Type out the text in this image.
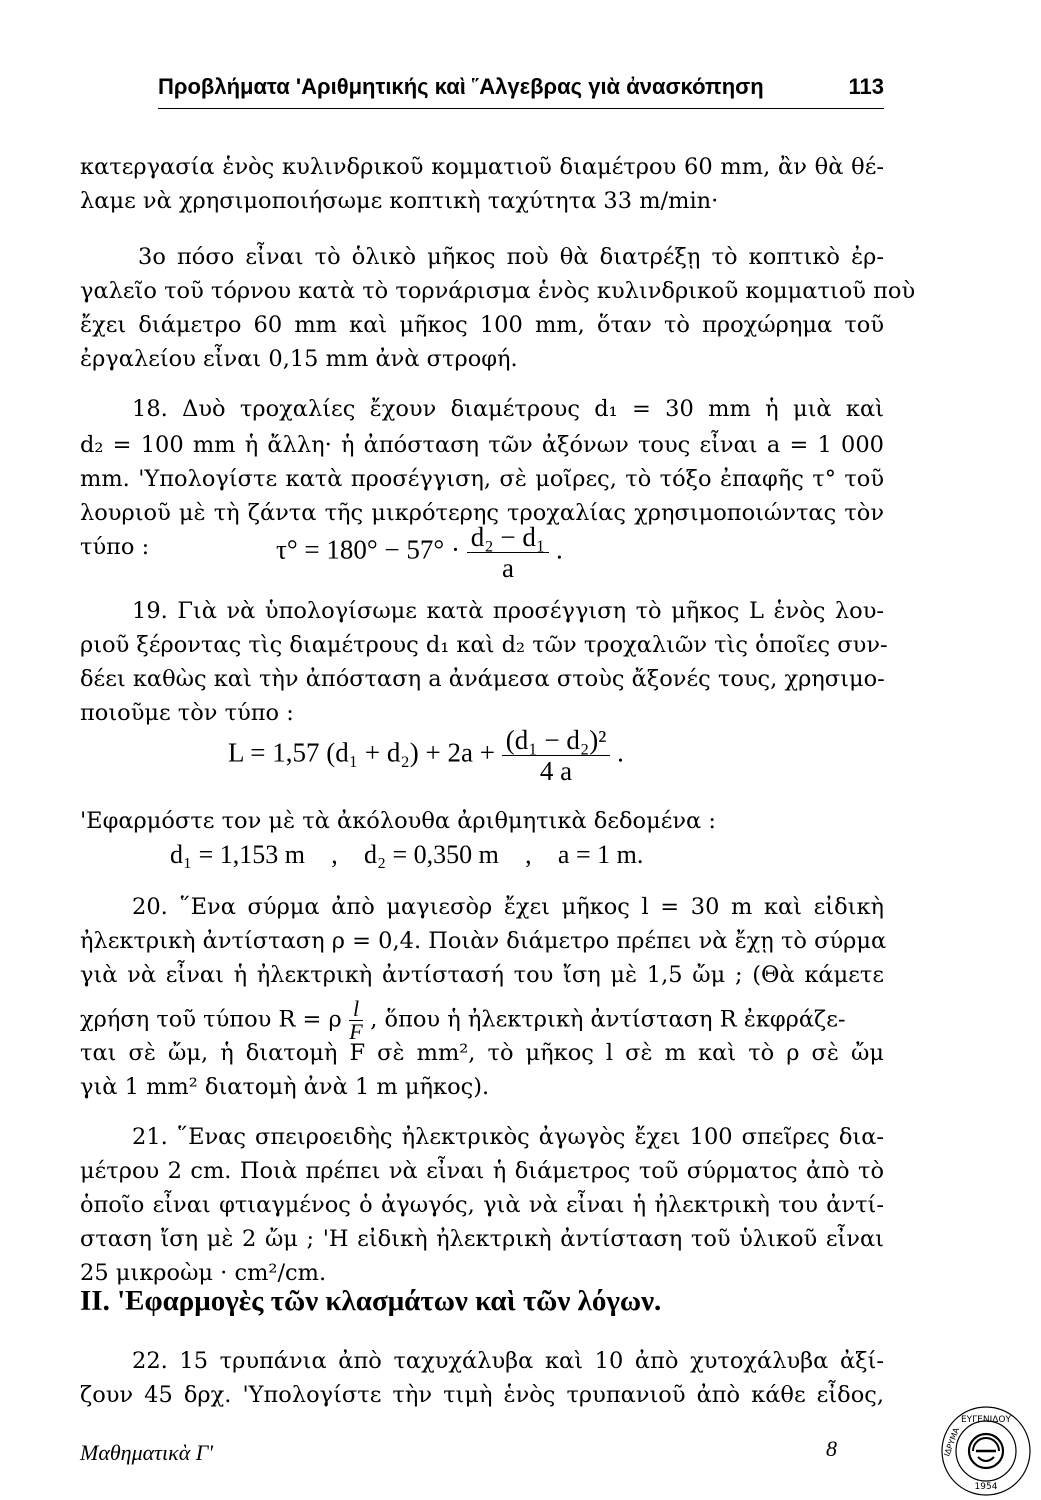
Προβλήματα 'Αριθμητικής καὶ ῞Αλγεβρας γιὰ ἀνασκόπηση	113
κατεργασία ἑνὸς κυλινδρικοῦ κομματιοῦ διαμέτρου 60 mm, ἂν θὰ θέ-
λαμε νὰ χρησιμοποιήσωμε κοπτικὴ ταχύτητα 33 m/min·
3ο πόσο εἶναι τὸ ὁλικὸ μῆκος ποὺ θὰ διατρέξῃ τὸ κοπτικὸ ἐρ-
γαλεῖο τοῦ τόρνου κατὰ τὸ τορνάρισμα ἑνὸς κυλινδρικοῦ κομματιοῦ ποὺ
ἔχει διάμετρο 60 mm καὶ μῆκος 100 mm, ὅταν τὸ προχώρημα τοῦ
ἐργαλείου εἶναι 0,15 mm ἀνὰ στροφή.
18. Δυὸ τροχαλίες ἔχουν διαμέτρους d₁ = 30 mm ἡ μιὰ καὶ
d₂ = 100 mm ἡ ἄλλη· ἡ ἀπόσταση τῶν ἀξόνων τους εἶναι a = 1 000
mm. 'Υπολογίστε κατὰ προσέγγιση, σὲ μοῖρες, τὸ τόξο ἐπαφῆς τ° τοῦ
λουριοῦ μὲ τὴ ζάντα τῆς μικρότερης τροχαλίας χρησιμοποιώντας τὸν
τύπο :	$\tau^\circ = 180^\circ - 57^\circ \cdot \frac{\text{d₂ − d₁}}{a}$ .
19. Γιὰ νὰ ὑπολογίσωμε κατὰ προσέγγιση τὸ μῆκος L ἑνὸς λου-
ριοῦ ξέροντας τὶς διαμέτρους d₁ καὶ d₂ τῶν τροχαλιῶν τὶς ὁποῖες συν-
δέει καθὼς καὶ τὴν ἀπόσταση a ἀνάμεσα στοὺς ἄξονές τους, χρησιμο-
ποιοῦμε τὸν τύπο :
L = 1,57 $(d_1 + d_2) + 2a + \frac{\text{(d₁ − d₂)²}}{4 a}$ .
'Εφαρμόστε τον μὲ τὰ ἀκόλουθα ἀριθμητικὰ δεδομένα :
d₁ = 1,153 m , d₂ = 0,350 m , a = 1 m.
20. ῞Ενα σύρμα ἀπὸ μαγιεσὸρ ἔχει μῆκος l = 30 m καὶ εἰδικὴ
ἠλεκτρικὴ ἀντίσταση ρ = 0,4. Ποιὰν διάμετρο πρέπει νὰ ἔχῃ τὸ σύρμα
γιὰ νὰ εἶναι ἡ ἠλεκτρικὴ ἀντίστασή του ἴση μὲ 1,5 ὤμ ; (Θὰ κάμετε
χρήση τοῦ τύπου R = ρ $\frac{l}{F}$ , ὅπου ἡ ἠλεκτρικὴ ἀντίσταση R ἐκφράζε-
ται σὲ ὤμ, ἡ διατομὴ F σὲ mm², τὸ μῆκος l σὲ m καὶ τὸ ρ σὲ ὤμ
γιὰ 1 mm² διατομὴ ἀνὰ 1 m μῆκος).
21. ῞Ενας σπειροειδὴς ἠλεκτρικὸς ἀγωγὸς ἔχει 100 σπεῖρες δια-
μέτρου 2 cm. Ποιὰ πρέπει νὰ εἶναι ἡ διάμετρος τοῦ σύρματος ἀπὸ τὸ
ὁποῖο εἶναι φτιαγμένος ὁ ἀγωγός, γιὰ νὰ εἶναι ἡ ἠλεκτρικὴ του ἀντί-
σταση ἴση μὲ 2 ὤμ ; 'Η εἰδικὴ ἠλεκτρικὴ ἀντίσταση τοῦ ὑλικοῦ εἶναι
25 μικροὼμ · cm²/cm.
ΙΙ. 'Εφαρμογὲς τῶν κλασμάτων καὶ τῶν λόγων.
22. 15 τρυπάνια ἀπὸ ταχυχάλυβα καὶ 10 ἀπὸ χυτοχάλυβα ἀξί-
ζουν 45 δρχ. 'Υπολογίστε τὴν τιμὴ ἑνὸς τρυπανιοῦ ἀπὸ κάθε εἶδος,
Μαθηματικὰ Γ'	8
ΕΥΓΕΝΙΔΟΥ
1954
ΙΔΡΥΜΑ
